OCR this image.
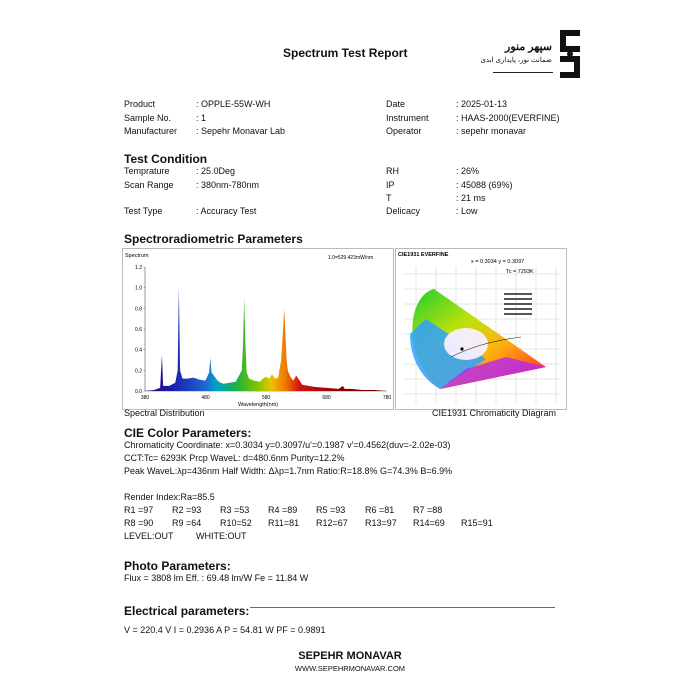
Spectrum Test Report	سپهر منور
ضمانت نور، پایداری ابدی
Product	: OPPLE-55W-WH
Sample No.	: 1
Manufacturer : Sepehr Monavar Lab
Date	: 2025-01-13
Instrument	: HAAS-2000(EVERFINE)
Operator	: sepehr monavar
Test Condition
Temprature	: 25.0Deg
Scan Range : 380nm-780nm
Test Type	: Accuracy Test
RH	: 26%
IP	: 45088 (69%)
T	: 21 ms
Delicacy	: Low
Spectroradiometric Parameters
Spectrum	1.0=529.423mW/nm
1.2
1.0
0.8
0.6
0.4
0.2
0.0
380	480	580	680	780
Wavelength(nm)
Spectral Distribution
CIE1931 EVERFINE
x = 0.3034 y = 0.3097
Tc = 7293K
CIE1931 Chromaticity Diagram
CIE Color Parameters:
Chromaticity Coordinate: x=0.3034 y=0.3097/u'=0.1987 v'=0.4562(duv=-2.02e-03)
CCT:Tc= 6293K Prcp WaveL: d=480.6nm Purity=12.2%
Peak WaveL:λp=436nm Half Width: Δλp=1.7nm Ratio:R=18.8% G=74.3% B=6.9%
Render Index:Ra=85.5
R1 =97 R2 =93 R3 =53 R4 =89 R5 =93 R6 =81 R7 =88
R8 =90 R9 =64 R10=52 R11=81 R12=67 R13=97 R14=69 R15=91
LEVEL:OUT WHITE:OUT
Photo Parameters:
Flux = 3808 lm Eff. : 69.48 lm/W Fe = 11.84 W
Electrical parameters:
V = 220.4 V I = 0.2936 A P = 54.81 W PF = 0.9891
SEPEHR MONAVAR
WWW.SEPEHRMONAVAR.COM
